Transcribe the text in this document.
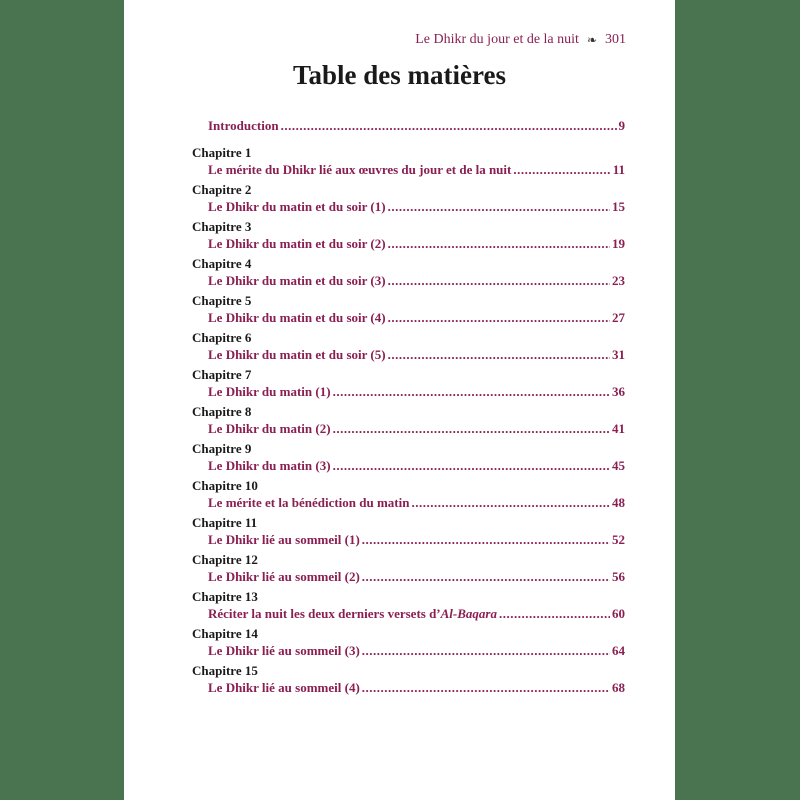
Le Dhikr du jour et de la nuit ❧ 301
Table des matières
Introduction .....	9
Chapitre 1
Le mérite du Dhikr lié aux œuvres du jour et de la nuit .....	11
Chapitre 2
Le Dhikr du matin et du soir (1) .....	15
Chapitre 3
Le Dhikr du matin et du soir (2) .....	19
Chapitre 4
Le Dhikr du matin et du soir (3) .....	23
Chapitre 5
Le Dhikr du matin et du soir (4) .....	27
Chapitre 6
Le Dhikr du matin et du soir (5) .....	31
Chapitre 7
Le Dhikr du matin (1) .....	36
Chapitre 8
Le Dhikr du matin (2) .....	41
Chapitre 9
Le Dhikr du matin (3) .....	45
Chapitre 10
Le mérite et la bénédiction du matin .....	48
Chapitre 11
Le Dhikr lié au sommeil (1) .....	52
Chapitre 12
Le Dhikr lié au sommeil (2) .....	56
Chapitre 13
Réciter la nuit les deux derniers versets d’Al-Baqara .....	60
Chapitre 14
Le Dhikr lié au sommeil (3) .....	64
Chapitre 15
Le Dhikr lié au sommeil (4) .....	68
